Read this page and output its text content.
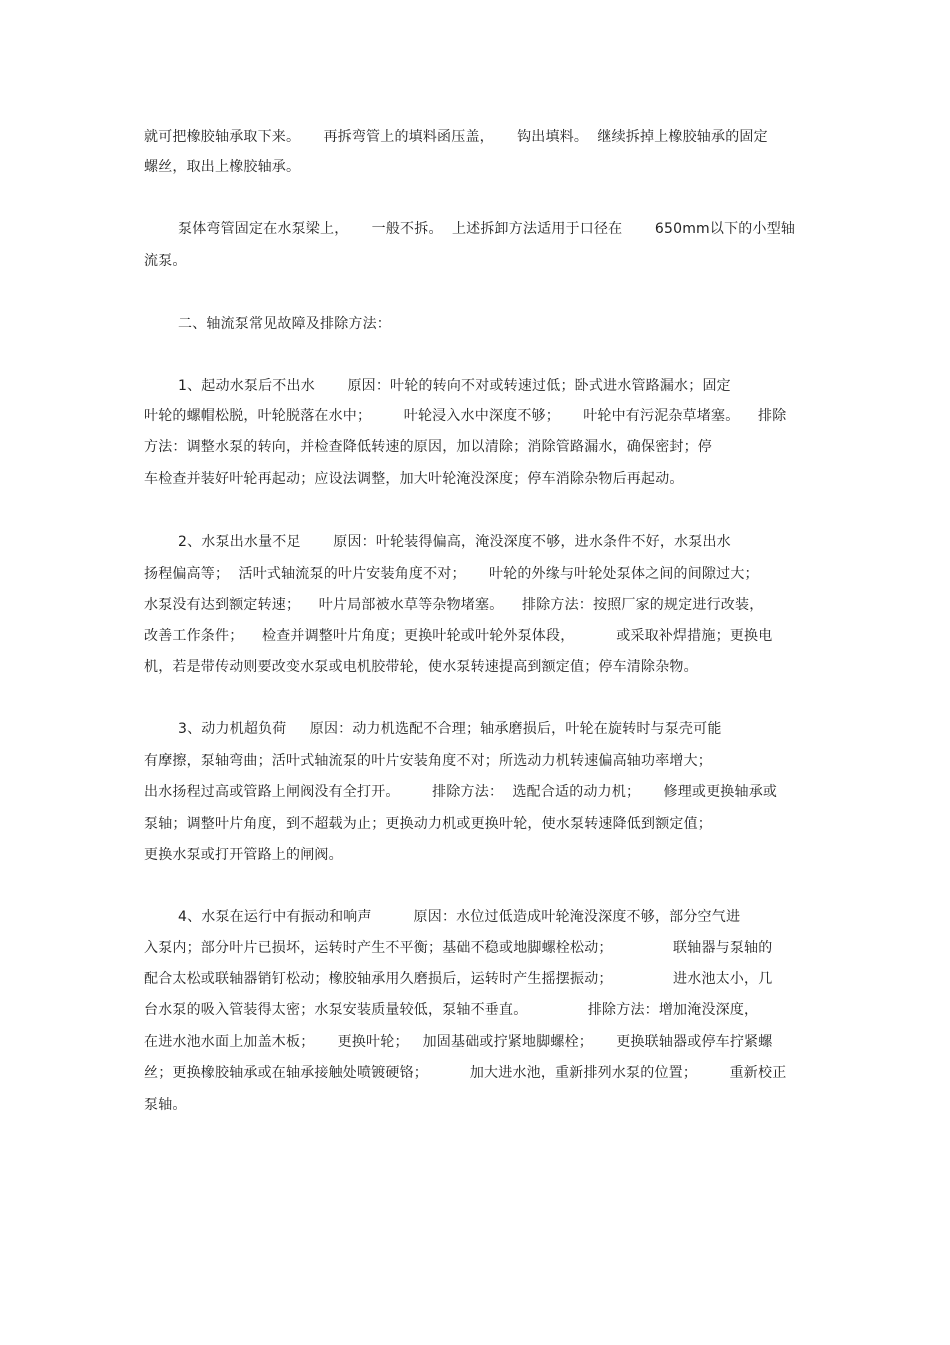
就可把橡胶轴承取下来。     再拆弯管上的填料函压盖，     钩出填料。  继续拆掉上橡胶轴承的固定
螺丝，取出上橡胶轴承。
泵体弯管固定在水泵梁上，     一般不拆。  上述拆卸方法适用于口径在       650mm以下的小型轴
流泵。
二、轴流泵常见故障及排除方法：
1、起动水泵后不出水       原因：叶轮的转向不对或转速过低；卧式进水管路漏水；固定
叶轮的螺帽松脱，叶轮脱落在水中；       叶轮浸入水中深度不够；     叶轮中有污泥杂草堵塞。    排除
方法：调整水泵的转向，并检查降低转速的原因，加以清除；消除管路漏水，确保密封；停
车检查并装好叶轮再起动；应设法调整，加大叶轮淹没深度；停车消除杂物后再起动。
2、水泵出水量不足       原因：叶轮装得偏高，淹没深度不够，进水条件不好，水泵出水
扬程偏高等；  活叶式轴流泵的叶片安装角度不对；     叶轮的外缘与叶轮处泵体之间的间隙过大；
水泵没有达到额定转速；    叶片局部被水草等杂物堵塞。    排除方法：按照厂家的规定进行改装，
改善工作条件；    检查并调整叶片角度；更换叶轮或叶轮外泵体段，         或采取补焊措施；更换电
机，若是带传动则要改变水泵或电机胶带轮，使水泵转速提高到额定值；停车清除杂物。
3、动力机超负荷     原因：动力机选配不合理；轴承磨损后，叶轮在旋转时与泵壳可能
有摩擦，泵轴弯曲；活叶式轴流泵的叶片安装角度不对；所选动力机转速偏高轴功率增大；
出水扬程过高或管路上闸阀没有全打开。       排除方法：  选配合适的动力机；     修理或更换轴承或
泵轴；调整叶片角度，到不超载为止；更换动力机或更换叶轮，使水泵转速降低到额定值；
更换水泵或打开管路上的闸阀。
4、水泵在运行中有振动和响声         原因：水位过低造成叶轮淹没深度不够，部分空气进
入泵内；部分叶片已损坏，运转时产生不平衡；基础不稳或地脚螺栓松动；             联轴器与泵轴的
配合太松或联轴器销钉松动；橡胶轴承用久磨损后，运转时产生摇摆振动；             进水池太小，几
台水泵的吸入管装得太密；水泵安装质量较低，泵轴不垂直。             排除方法：增加淹没深度，
在进水池水面上加盖木板；     更换叶轮；   加固基础或拧紧地脚螺栓；     更换联轴器或停车拧紧螺
丝；更换橡胶轴承或在轴承接触处喷镀硬铬；         加大进水池，重新排列水泵的位置；       重新校正
泵轴。
